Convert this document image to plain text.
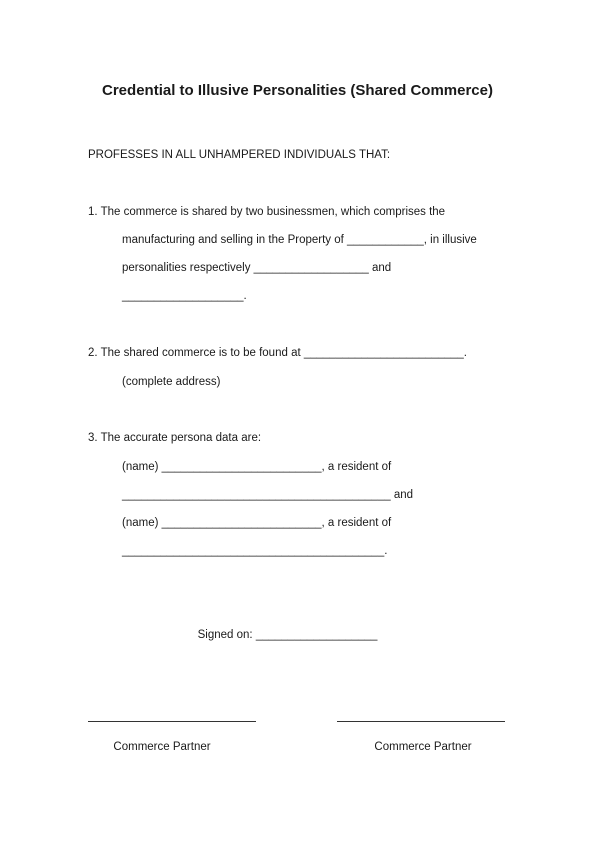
Credential to Illusive Personalities (Shared Commerce)
PROFESSES IN ALL UNHAMPERED INDIVIDUALS THAT:
1. The commerce is shared by two businessmen, which comprises the
manufacturing and selling in the Property of ____________, in illusive
personalities respectively __________________ and
___________________.
2. The shared commerce is to be found at _________________________.
(complete address)
3. The accurate persona data are:
(name) _________________________, a resident of
__________________________________________ and
(name) _________________________, a resident of
_________________________________________.
Signed on: ___________________
Commerce Partner	Commerce Partner
